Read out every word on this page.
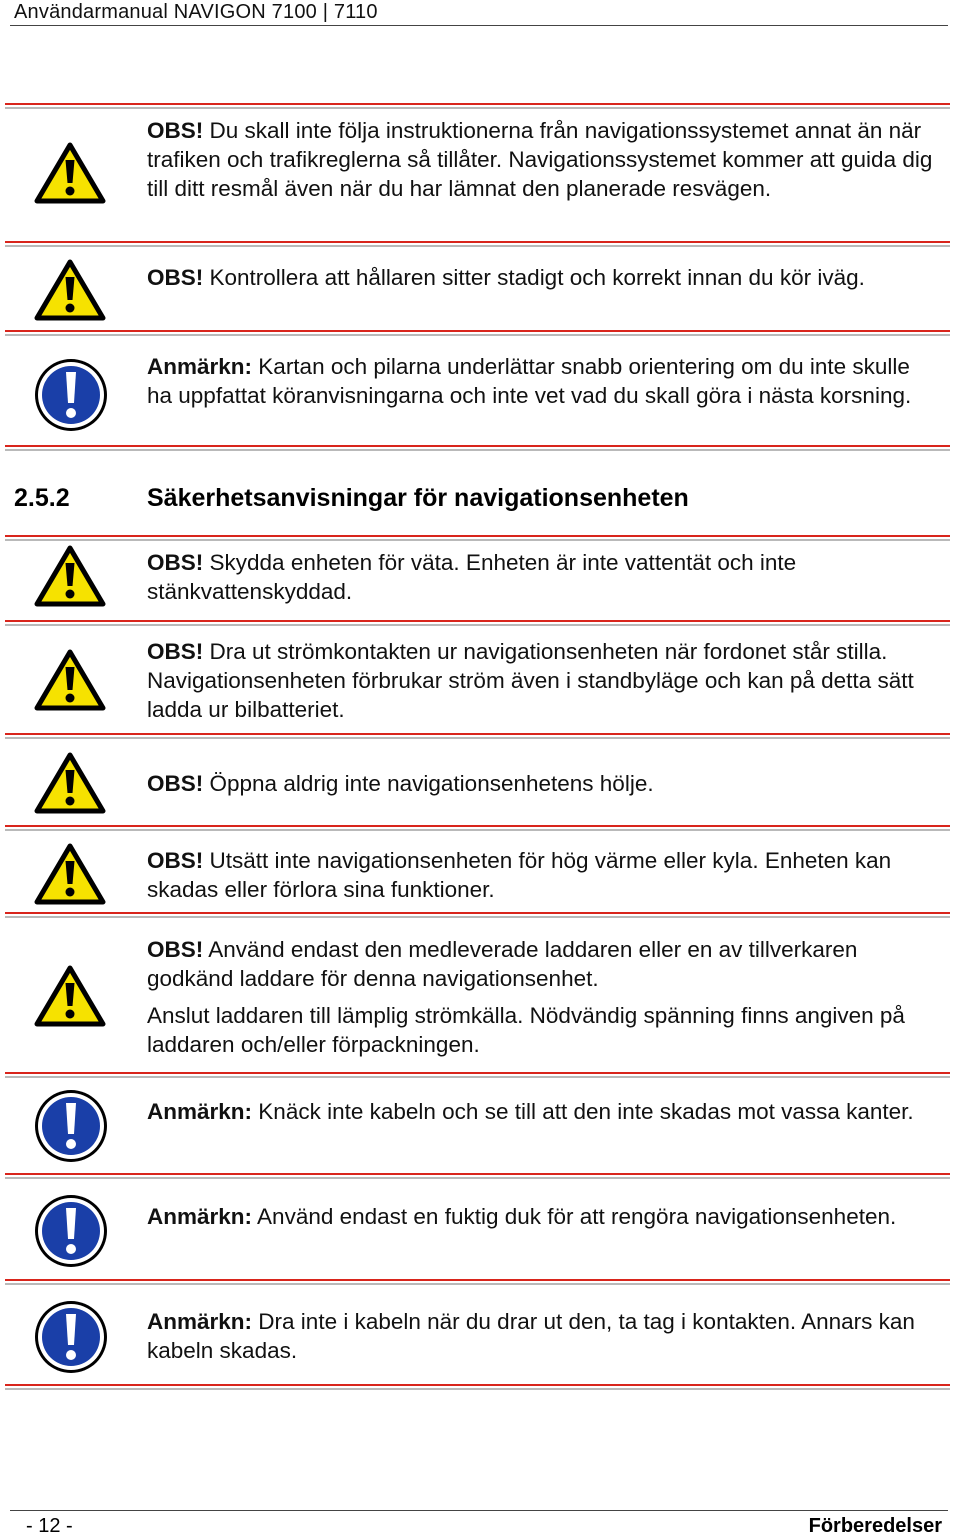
Användarmanual NAVIGON 7100 | 7110
OBS! Du skall inte följa instruktionerna från navigationssystemet annat än när trafiken och trafikreglerna så tillåter. Navigationssystemet kommer att guida dig till ditt resmål även när du har lämnat den planerade resvägen.
OBS! Kontrollera att hållaren sitter stadigt och korrekt innan du kör iväg.
Anmärkn: Kartan och pilarna underlättar snabb orientering om du inte skulle ha uppfattat köranvisningarna och inte vet vad du skall göra i nästa korsning.
2.5.2	Säkerhetsanvisningar för navigationsenheten
OBS! Skydda enheten för väta. Enheten är inte vattentät och inte stänkvattenskyddad.
OBS! Dra ut strömkontakten ur navigationsenheten när fordonet står stilla. Navigationsenheten förbrukar ström även i standbyläge och kan på detta sätt ladda ur bilbatteriet.
OBS! Öppna aldrig inte navigationsenhetens hölje.
OBS! Utsätt inte navigationsenheten för hög värme eller kyla. Enheten kan skadas eller förlora sina funktioner.
OBS! Använd endast den medleverade laddaren eller en av tillverkaren godkänd laddare för denna navigationsenhet.
Anslut laddaren till lämplig strömkälla. Nödvändig spänning finns angiven på laddaren och/eller förpackningen.
Anmärkn: Knäck inte kabeln och se till att den inte skadas mot vassa kanter.
Anmärkn: Använd endast en fuktig duk för att rengöra navigationsenheten.
Anmärkn: Dra inte i kabeln när du drar ut den, ta tag i kontakten. Annars kan kabeln skadas.
- 12 -	Förberedelser
